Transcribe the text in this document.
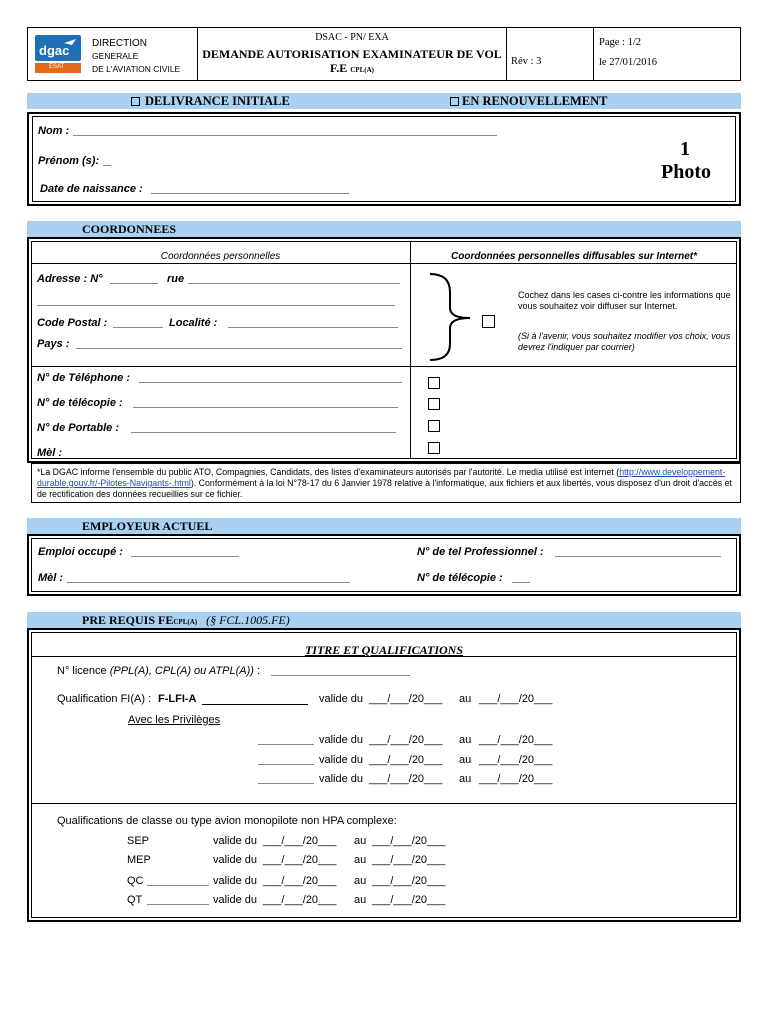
dgac
ESAT
DIRECTION
GENERALE
DE L'AVIATION CIVILE
DSAC - PN/ EXA
DEMANDE AUTORISATION EXAMINATEUR DE VOL
F.E CPL(A)
Rév : 3
Page : 1/2
le 27/01/2016
DELIVRANCE INITIALE	EN RENOUVELLEMENT
Nom :
Prénom (s):
Date de naissance :
1
Photo
COORDONNEES
Coordonnées personnelles	Coordonnées personnelles diffusables sur Internet*
Adresse : N°	rue
Code Postal :	Localité :
Pays :
Cochez dans les cases ci-contre les informations que vous souhaitez voir diffuser sur Internet.
(Si à l'avenir, vous souhaitez modifier vos choix, vous devrez l'indiquer par courrier)
N° de Téléphone :
N° de télécopie :
N° de Portable :
Mèl :
*La DGAC informe l'ensemble du public ATO, Compagnies, Candidats, des listes d'examinateurs autorisés par l'autorité. Le media utilisé est internet (http://www.developpement-durable.gouv.fr/-Pilotes-Navigants-.html). Conformément à la loi N°78-17 du 6 Janvier 1978 relative à l'informatique, aux fichiers et aux libertés, vous disposez d'un droit d'accès et de rectification des données recueillies sur ce fichier.
EMPLOYEUR ACTUEL
Emploi occupé :	N° de tel Professionnel :
Mèl :	N° de télécopie :
PRE REQUIS FECPL(A) (§ FCL.1005.FE)
TITRE ET QUALIFICATIONS
N° licence (PPL(A), CPL(A) ou ATPL(A)) :
Qualification FI(A) : F-LFI-A	valide du ___/___/20___ au ___/___/20___
Avec les Privilèges
valide du ___/___/20___ au ___/___/20___
valide du ___/___/20___ au ___/___/20___
valide du ___/___/20___ au ___/___/20___
Qualifications de classe ou type avion monopilote non HPA complexe:
SEP	valide du ___/___/20___ au ___/___/20___
MEP	valide du ___/___/20___ au ___/___/20___
QC	valide du ___/___/20___ au ___/___/20___
QT	valide du ___/___/20___ au ___/___/20___
